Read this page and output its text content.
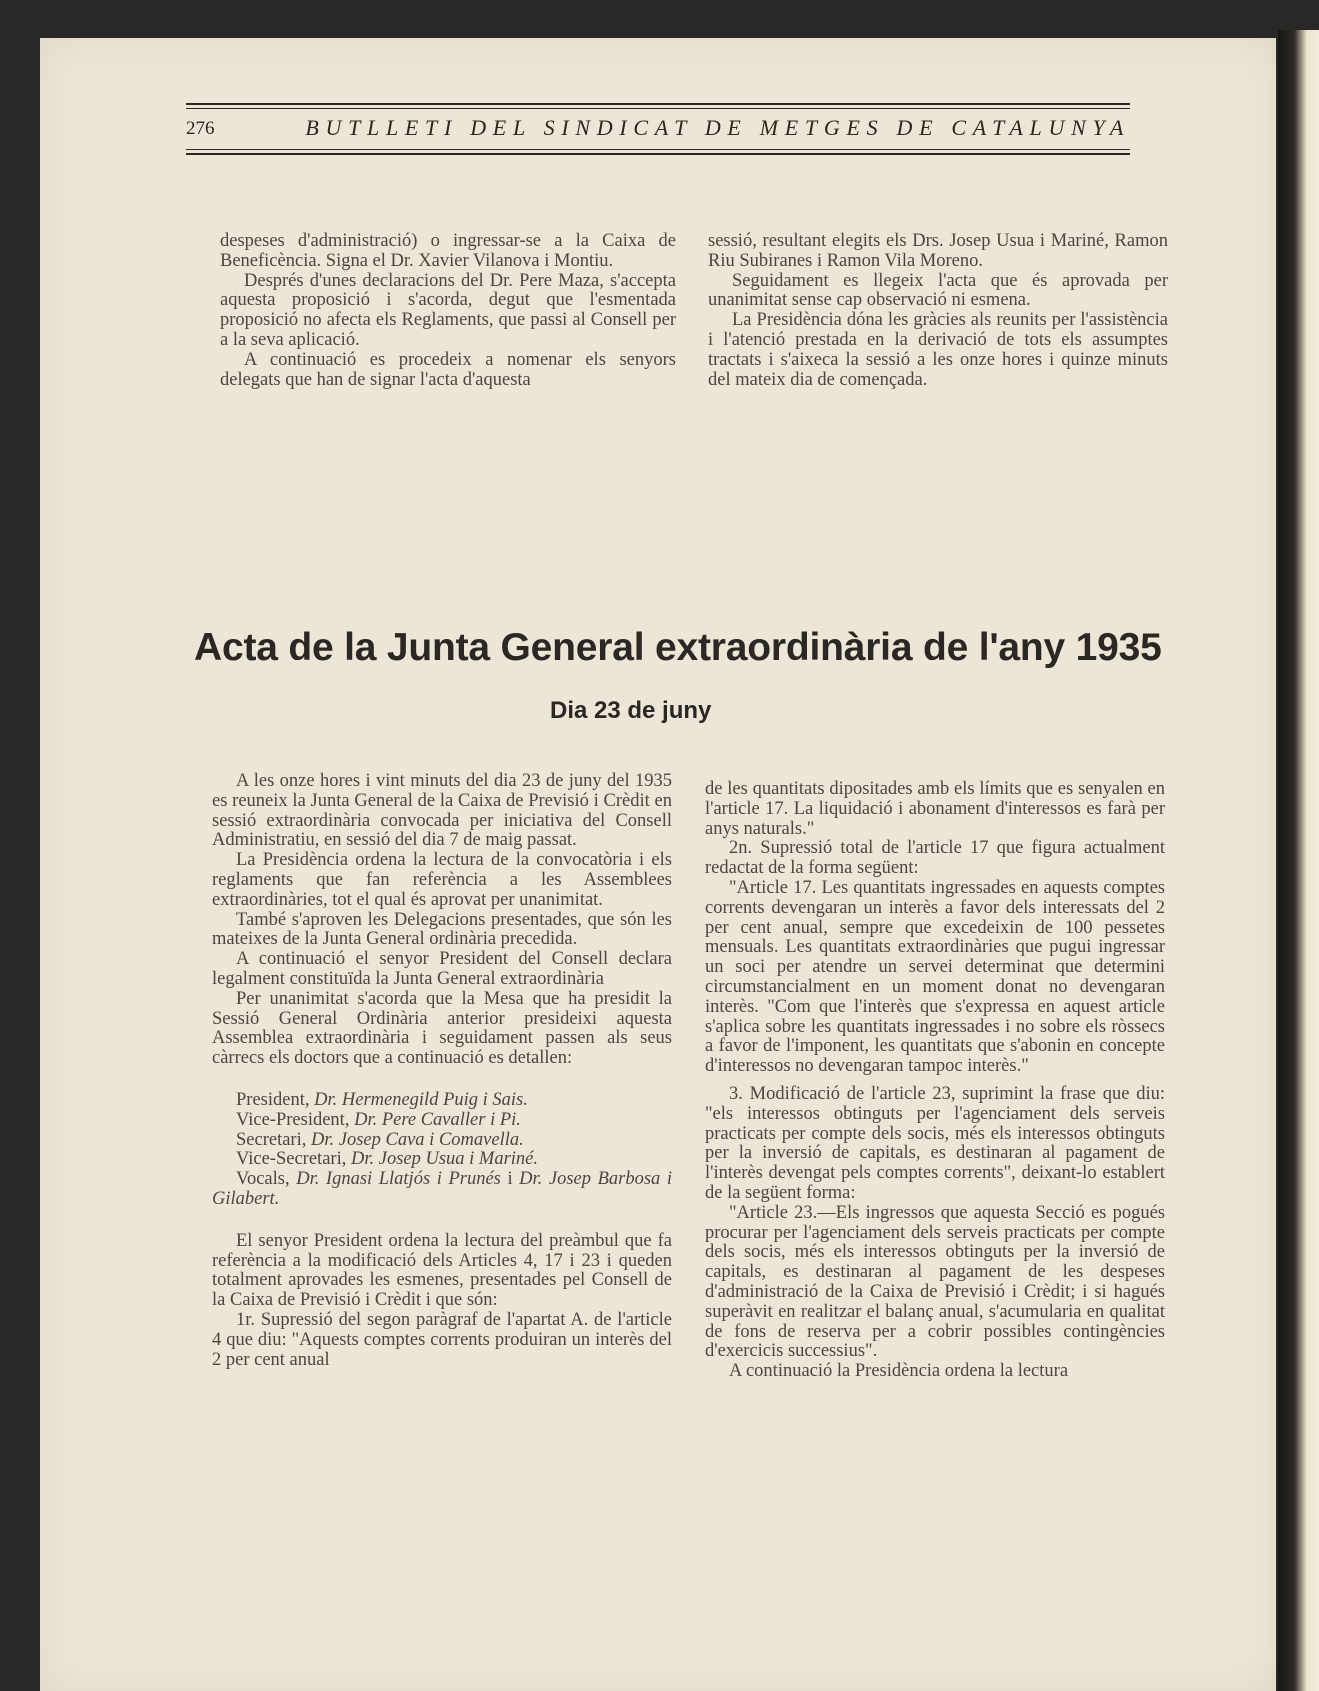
276	BUTLLETI DEL SINDICAT DE METGES DE CATALUNYA

despeses d'administració) o ingressar-se a la Caixa de Beneficència. Signa el Dr. Xavier Vilanova i Montiu.

Després d'unes declaracions del Dr. Pere Maza, s'accepta aquesta proposició i s'acorda, degut que l'esmentada proposició no afecta els Reglaments, que passi al Consell per a la seva aplicació.

A continuació es procedeix a nomenar els senyors delegats que han de signar l'acta d'aquesta

sessió, resultant elegits els Drs. Josep Usua i Mariné, Ramon Riu Subiranes i Ramon Vila Moreno.

Seguidament es llegeix l'acta que és aprovada per unanimitat sense cap observació ni esmena.

La Presidència dóna les gràcies als reunits per l'assistència i l'atenció prestada en la derivació de tots els assumptes tractats i s'aixeca la sessió a les onze hores i quinze minuts del mateix dia de començada.

Acta de la Junta General extraordinària de l'any 1935
Dia 23 de juny

A les onze hores i vint minuts del dia 23 de juny del 1935 es reuneix la Junta General de la Caixa de Previsió i Crèdit en sessió extraordinària convocada per iniciativa del Consell Administratiu, en sessió del dia 7 de maig passat.

La Presidència ordena la lectura de la convocatòria i els reglaments que fan referència a les Assemblees extraordinàries, tot el qual és aprovat per unanimitat.

També s'aproven les Delegacions presentades, que són les mateixes de la Junta General ordinària precedida.

A continuació el senyor President del Consell declara legalment constituïda la Junta General extraordinària

Per unanimitat s'acorda que la Mesa que ha presidit la Sessió General Ordinària anterior presideixi aquesta Assemblea extraordinària i seguidament passen als seus càrrecs els doctors que a continuació es detallen:

President, Dr. Hermenegild Puig i Sais.

Vice-President, Dr. Pere Cavaller i Pi.

Secretari, Dr. Josep Cava i Comavella.

Vice-Secretari, Dr. Josep Usua i Mariné.

Vocals, Dr. Ignasi Llatjós i Prunés i Dr. Josep Barbosa i Gilabert.

El senyor President ordena la lectura del preàmbul que fa referència a la modificació dels Articles 4, 17 i 23 i queden totalment aprovades les esmenes, presentades pel Consell de la Caixa de Previsió i Crèdit i que són:

1r. Supressió del segon paràgraf de l'apartat A. de l'article 4 que diu: "Aquests comptes corrents produiran un interès del 2 per cent anual

de les quantitats dipositades amb els límits que es senyalen en l'article 17. La liquidació i abonament d'interessos es farà per anys naturals."

2n. Supressió total de l'article 17 que figura actualment redactat de la forma següent:

"Article 17. Les quantitats ingressades en aquests comptes corrents devengaran un interès a favor dels interessats del 2 per cent anual, sempre que excedeixin de 100 pessetes mensuals. Les quantitats extraordinàries que pugui ingressar un soci per atendre un servei determinat que determini circumstancialment en un moment donat no devengaran interès. "Com que l'interès que s'expressa en aquest article s'aplica sobre les quantitats ingressades i no sobre els ròssecs a favor de l'imponent, les quantitats que s'abonin en concepte d'interessos no devengaran tampoc interès."

3. Modificació de l'article 23, suprimint la frase que diu: "els interessos obtinguts per l'agenciament dels serveis practicats per compte dels socis, més els interessos obtinguts per la inversió de capitals, es destinaran al pagament de l'interès devengat pels comptes corrents", deixant-lo establert de la següent forma:

"Article 23.—Els ingressos que aquesta Secció es pogués procurar per l'agenciament dels serveis practicats per compte dels socis, més els interessos obtinguts per la inversió de capitals, es destinaran al pagament de les despeses d'administració de la Caixa de Previsió i Crèdit; i si hagués superàvit en realitzar el balanç anual, s'acumularia en qualitat de fons de reserva per a cobrir possibles contingències d'exercicis successius".

A continuació la Presidència ordena la lectura
